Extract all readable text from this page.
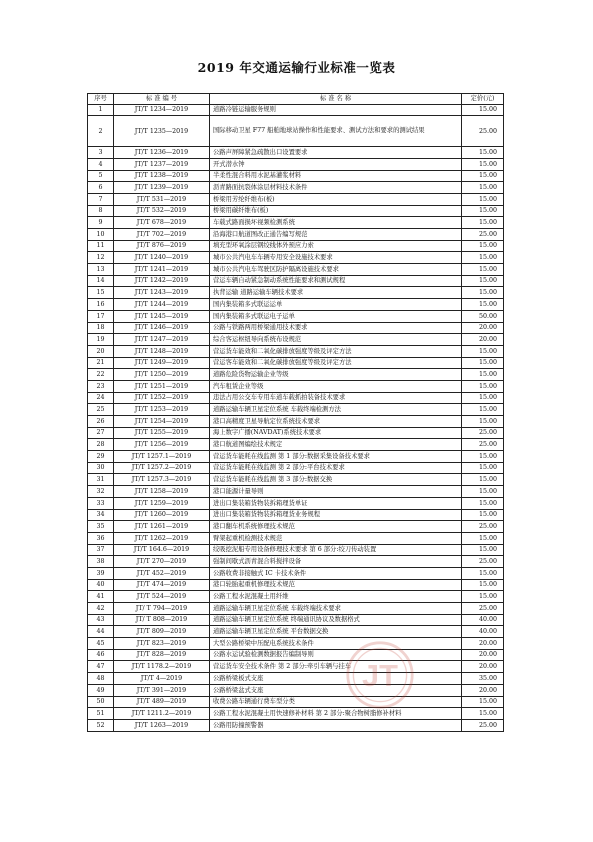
2019 年交通运输行业标准一览表
序号	标 准 编 号	标 准 名 称	定价(元)
1	JT/T 1234—2019	道路冷链运输服务规则	15.00
2	JT/T 1235—2019	国际移动卫星 F77 船舶地球站操作和性能要求、测试方法和要求的测试结果	25.00
3	JT/T 1236—2019	公路声屏障紧急疏散出口设置要求	15.00
4	JT/T 1237—2019	开式潜水钟	15.00
5	JT/T 1238—2019	半柔性混合料用水泥基灌浆材料	15.00
6	JT/T 1239—2019	沥青路面抗裂体涂层材料技术条件	15.00
7	JT/T 531—2019	桥梁用芳纶纤维布(板)	15.00
8	JT/T 532—2019	桥梁用碳纤维布(板)	15.00
9	JT/T 678—2019	车载式路面损坏视频检测系统	15.00
10	JT/T 702—2019	沿海港口航道图改正通告编写规范	25.00
11	JT/T 876—2019	填充型环氧涂层钢绞线体外预应力索	15.00
12	JT/T 1240—2019	城市公共汽电车车辆专用安全设施技术要求	15.00
13	JT/T 1241—2019	城市公共汽电车驾驶区防护隔离设施技术要求	15.00
14	JT/T 1242—2019	营运车辆自动紧急制动系统性能要求和测试规程	15.00
15	JT/T 1243—2019	执背运输 道路运输车辆技术要求	15.00
16	JT/T 1244—2019	国内集装箱多式联运运单	15.00
17	JT/T 1245—2019	国内集装箱多式联运电子运单	50.00
18	JT/T 1246—2019	公路与铁路两用桥梁通用技术要求	20.00
19	JT/T 1247—2019	综合客运枢纽导向系统布设规范	20.00
20	JT/T 1248—2019	营运货车能效和二氧化碳排放强度等级及评定方法	15.00
21	JT/T 1249—2019	营运客车能效和二氧化碳排放强度等级及评定方法	15.00
22	JT/T 1250—2019	道路危险货物运输企业等级	15.00
23	JT/T 1251—2019	汽车租赁企业等级	15.00
24	JT/T 1252—2019	违法占用公交车专用车道车载抓拍装备技术要求	15.00
25	JT/T 1253—2019	道路运输车辆卫星定位系统 车载终端检测方法	15.00
26	JT/T 1254—2019	港口高精度卫星导航定位系统技术要求	15.00
27	JT/T 1255—2019	海上数字广播(NAVDAT)系统技术要求	25.00
28	JT/T 1256—2019	港口航道图编绘技术规定	25.00
29	JT/T 1257.1—2019	营运货车能耗在线监测 第 1 部分:数据采集设备技术要求	15.00
30	JT/T 1257.2—2019	营运货车能耗在线监测 第 2 部分:平台技术要求	15.00
31	JT/T 1257.3—2019	营运货车能耗在线监测 第 3 部分:数据交换	15.00
32	JT/T 1258—2019	港口能源计量导则	15.00
33	JT/T 1259—2019	进出口集装箱货物装拆箱理货单证	15.00
34	JT/T 1260—2019	进出口集装箱货物装拆箱理货业务规程	15.00
35	JT/T 1261—2019	港口翻车机系统修理技术规范	25.00
36	JT/T 1262—2019	臂架起重机检测技术规范	15.00
37	JT/T 164.6—2019	绞吸挖泥船专用设备修理技术要求 第 6 部分:绞刀传动装置	15.00
38	JT/T 270—2019	强制间歇式沥青混合料搅拌设备	25.00
39	JT/T 452—2019	公路收费非接触式 IC 卡技术条件	15.00
40	JT/T 474—2019	港口轮胎起重机修理技术规范	15.00
41	JT/T 524—2019	公路工程水泥混凝土用纤维	15.00
42	JT/ T 794—2019	道路运输车辆卫星定位系统 车载终端技术要求	25.00
43	JT/ T 808—2019	道路运输车辆卫星定位系统 终端通讯协议及数据格式	40.00
44	JT/T 809—2019	道路运输车辆卫星定位系统 平台数据交换	40.00
45	JT/T 823—2019	大型公路桥梁中压配电系统技术条件	20.00
46	JT/T 828—2019	公路水运试验检测数据报告编制导则	20.00
47	JT/T 1178.2—2019	营运货车安全技术条件 第 2 部分:牵引车辆与挂车	20.00
48	JT/T 4—2019	公路桥梁板式支座	35.00
49	JT/T 391—2019	公路桥梁盆式支座	20.00
50	JT/T 489—2019	收费公路车辆通行费车型分类	15.00
51	JT/T 1211.2—2019	公路工程水泥混凝土用快速修补材料 第 2 部分:聚合物树脂修补材料	15.00
52	JT/T 1263—2019	公路用防撞预警器	25.00
JT
